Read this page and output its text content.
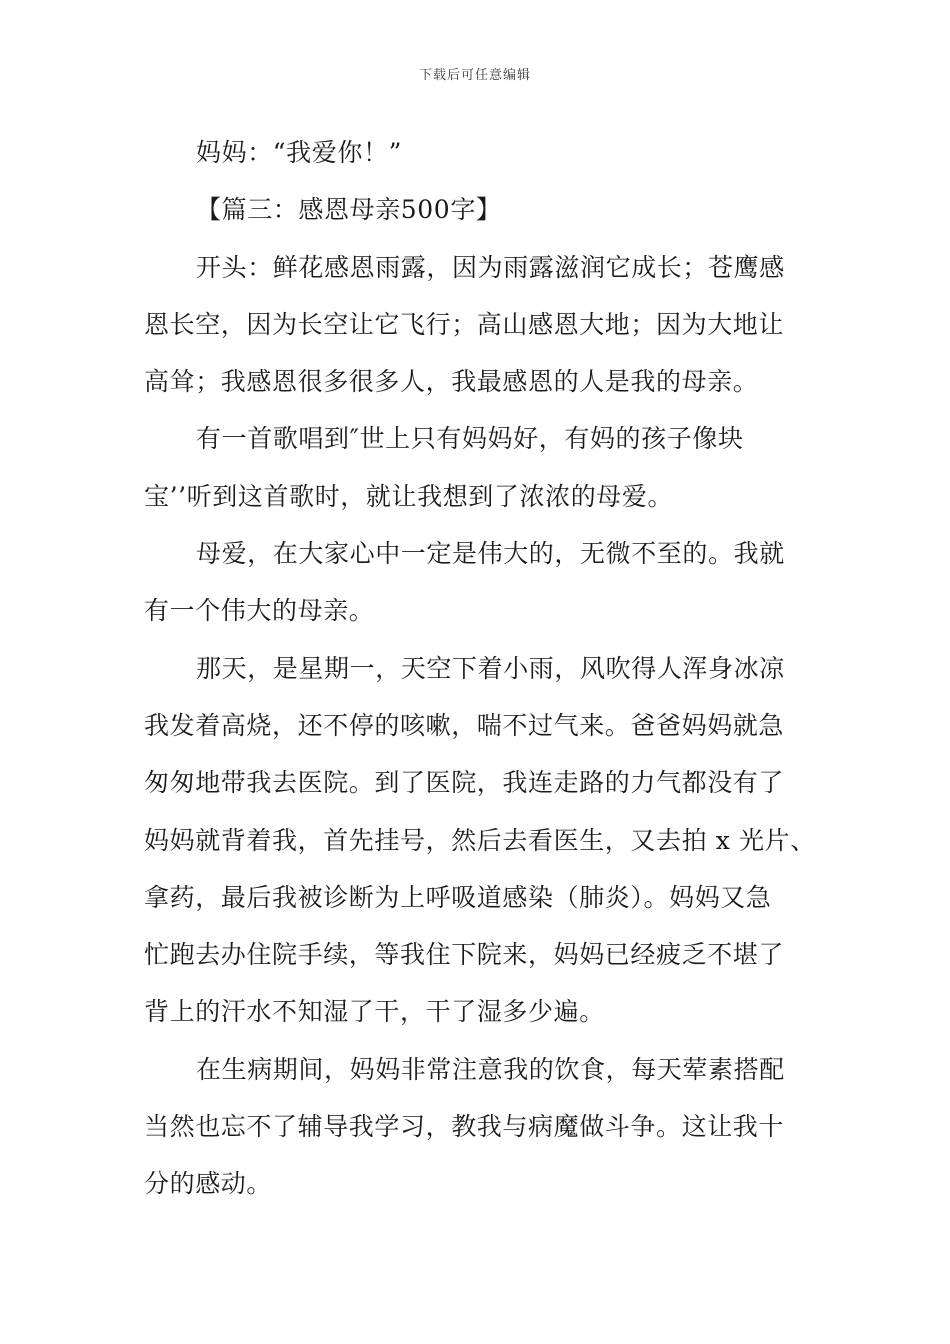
下载后可任意编辑
妈妈：“我爱你！”
【篇三：感恩母亲500字】
开头：鲜花感恩雨露，因为雨露滋润它成长；苍鹰感
恩长空，因为长空让它飞行；高山感恩大地；因为大地让
高耸；我感恩很多很多人，我最感恩的人是我的母亲。
有一首歌唱到″世上只有妈妈好，有妈的孩子像块
宝’’听到这首歌时，就让我想到了浓浓的母爱。
母爱，在大家心中一定是伟大的，无微不至的。我就
有一个伟大的母亲。
那天，是星期一，天空下着小雨，风吹得人浑身冰凉
我发着高烧，还不停的咳嗽，喘不过气来。爸爸妈妈就急
匆匆地带我去医院。到了医院，我连走路的力气都没有了
妈妈就背着我，首先挂号，然后去看医生，又去拍 x 光片、
拿药，最后我被诊断为上呼吸道感染（肺炎）。妈妈又急
忙跑去办住院手续，等我住下院来，妈妈已经疲乏不堪了
背上的汗水不知湿了干，干了湿多少遍。
在生病期间，妈妈非常注意我的饮食，每天荤素搭配
当然也忘不了辅导我学习，教我与病魔做斗争。这让我十
分的感动。
